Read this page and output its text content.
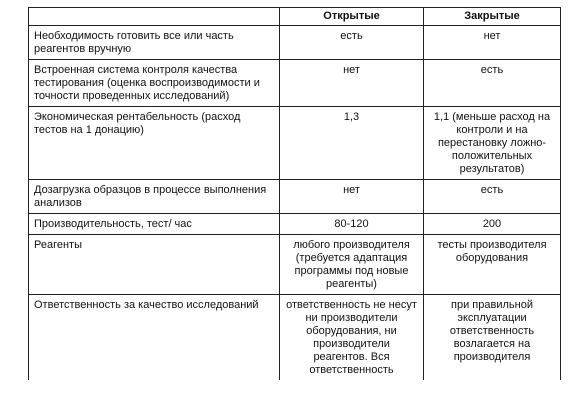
	Открытые	Закрытые
Необходимость готовить все или часть реагентов вручную	есть	нет
Встроенная система контроля качества тестирования (оценка воспроизводимости и точности проведенных исследований)	нет	есть
Экономическая рентабельность (расход тестов на 1 донацию)	1,3	1,1 (меньше расход на контроли и на перестановку ложно-положительных результатов)
Дозагрузка образцов в процессе выполнения анализов	нет	есть
Производительность, тест/ час	80-120	200
Реагенты	любого производителя (требуется адаптация программы под новые реагенты)	тесты производителя оборудования
Ответственность за качество исследований	ответственность не несут ни производители оборудования, ни производители реагентов. Вся ответственность	при правильной эксплуатации ответственность возлагается на производителя
